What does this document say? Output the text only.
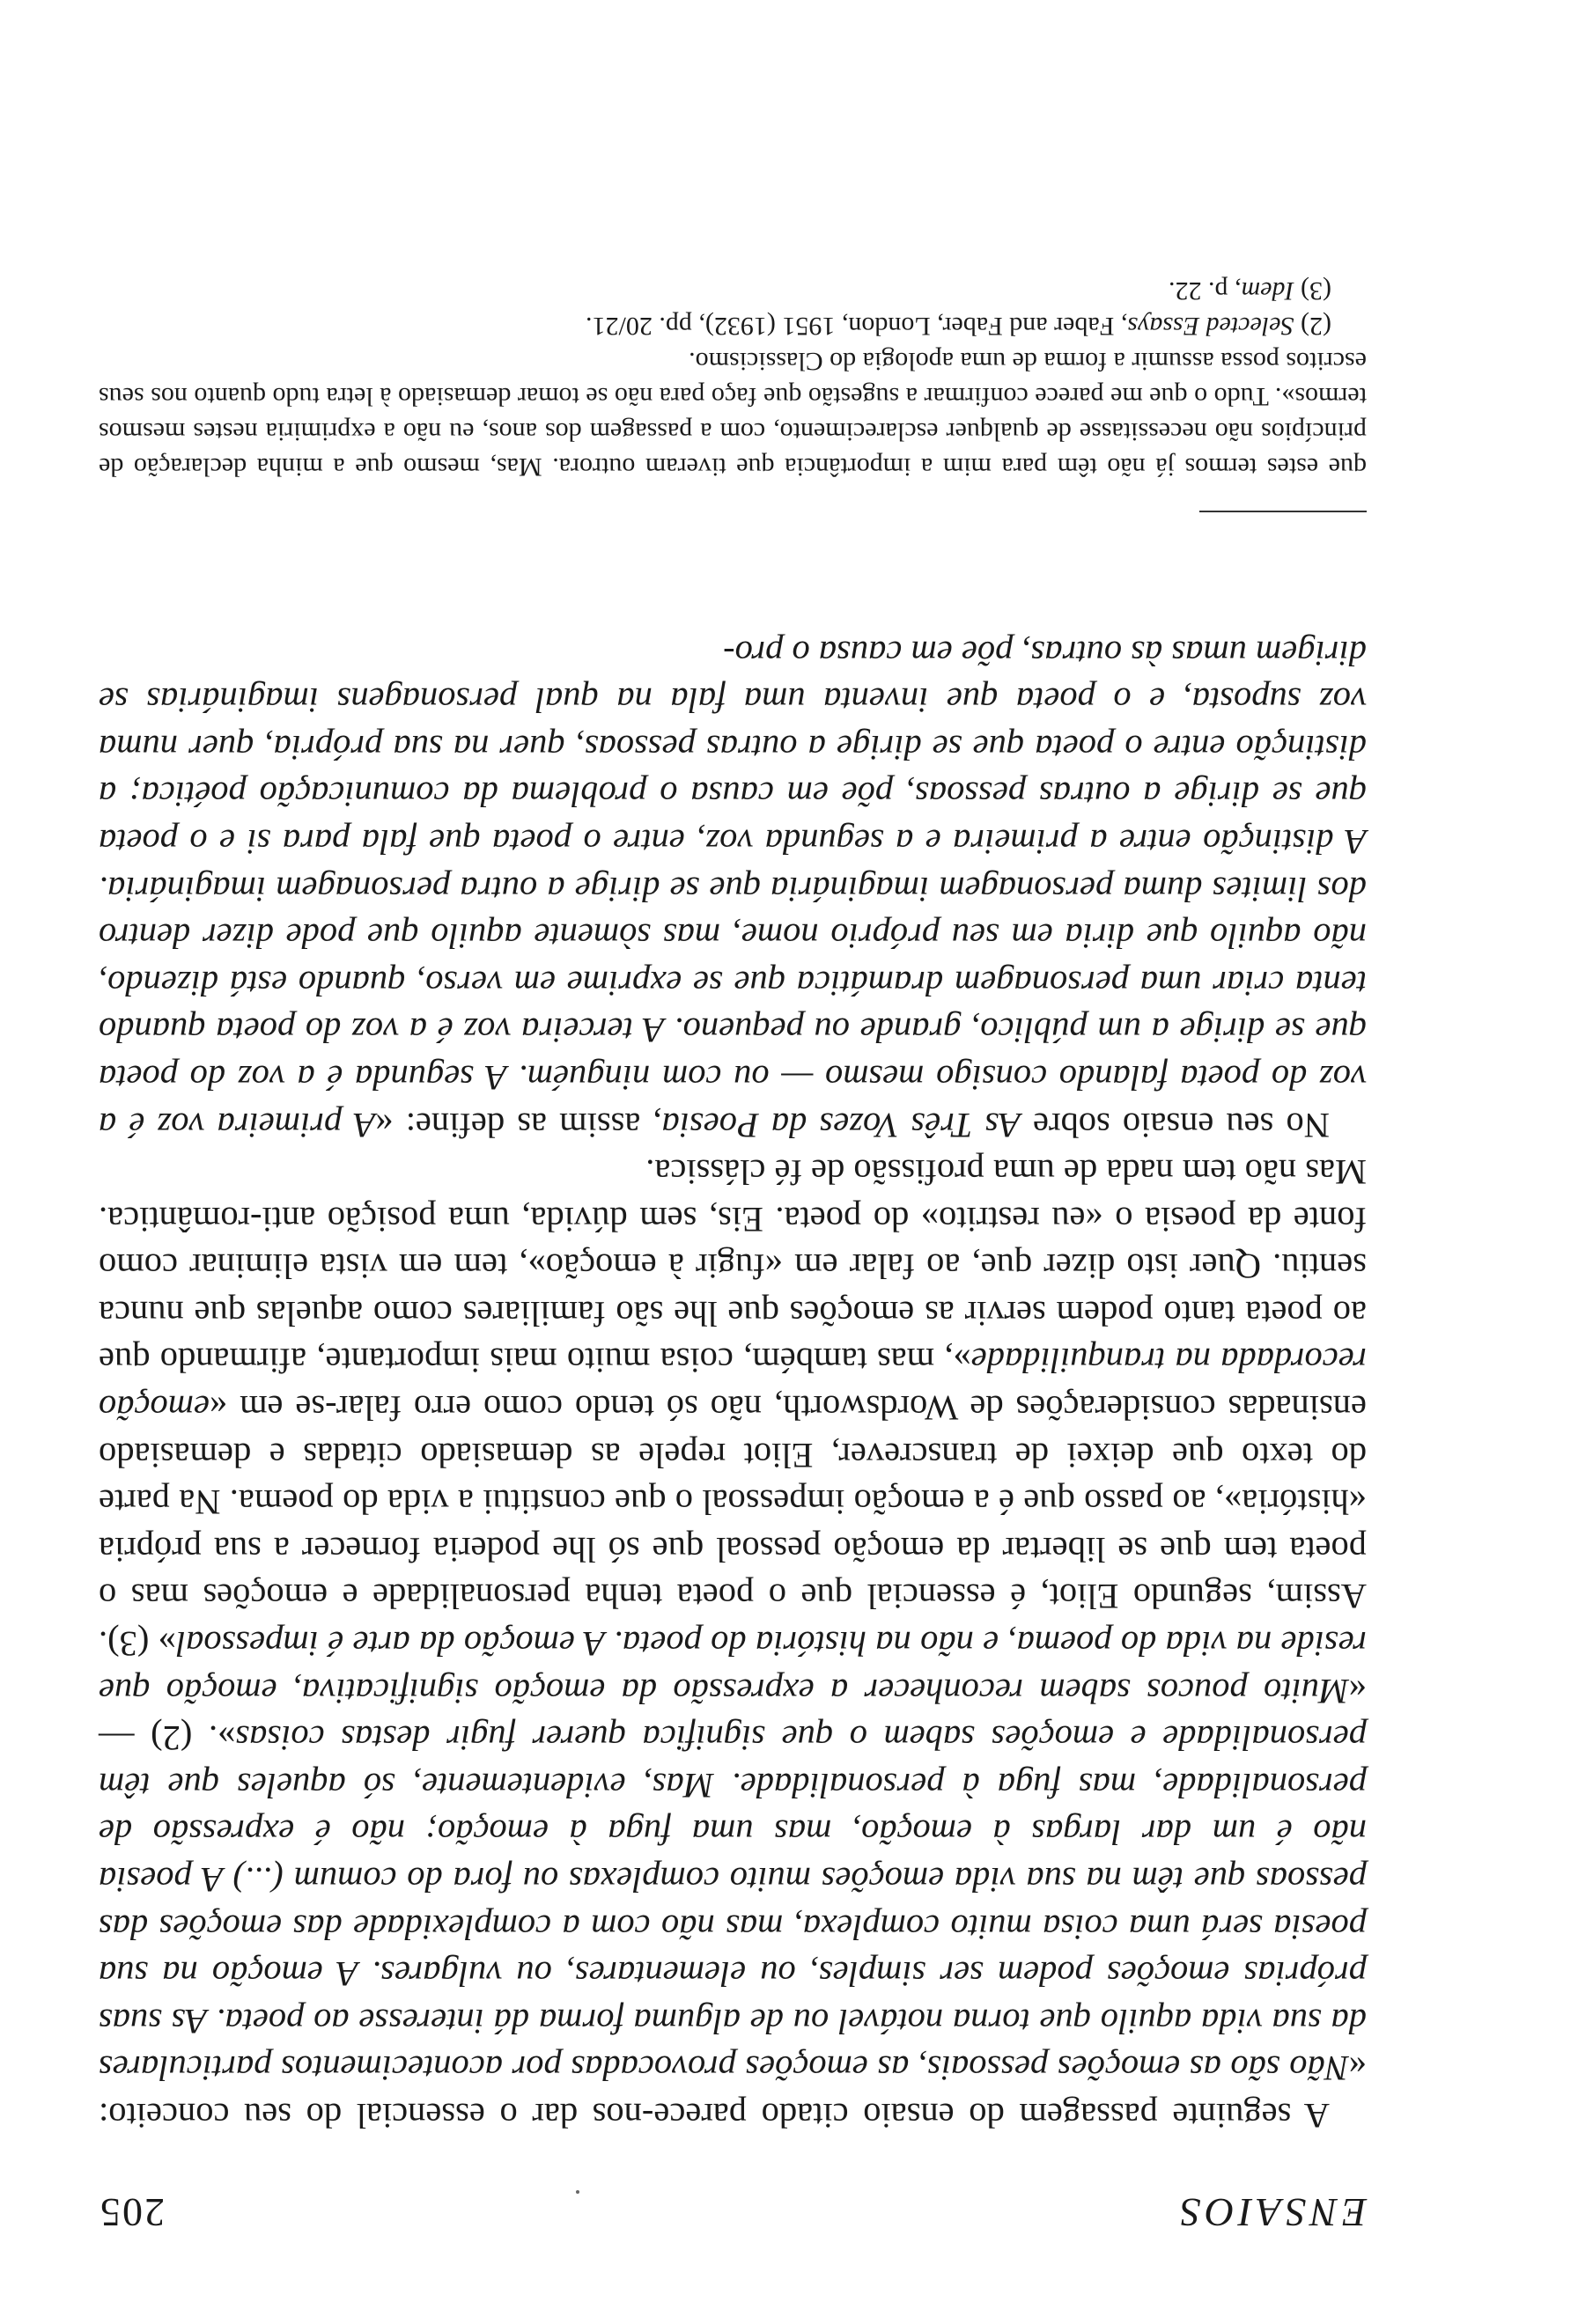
ENSAIOS
205

A seguinte passagem do ensaio citado parece-nos dar o essencial do seu conceito: «Não são as emoções pessoais, as emoções provocadas por acontecimentos particulares da sua vida aquilo que torna notável ou de alguma forma dá interesse ao poeta. As suas próprias emoções podem ser simples, ou elementares, ou vulgares. A emoção na sua poesia será uma coisa muito complexa, mas não com a complexidade das emoções das pessoas que têm na sua vida emoções muito complexas ou fora do comum (...) A poesia não é um dar largas à emoção, mas uma fuga à emoção; não é expressão de personalidade, mas fuga à personalidade. Mas, evidentemente, só aqueles que têm personalidade e emoções sabem o que significa querer fugir destas coisas». (2) — «Muito poucos sabem reconhecer a expressão da emoção significativa, emoção que reside na vida do poema, e não na história do poeta. A emoção da arte é impessoal» (3). Assim, segundo Eliot, é essencial que o poeta tenha personalidade e emoções mas o poeta tem que se libertar da emoção pessoal que só lhe poderia fornecer a sua própria «história», ao passo que é a emoção impessoal o que constitui a vida do poema. Na parte do texto que deixei de transcrever, Eliot repele as demasiado citadas e demasiado ensinadas considerações de Wordsworth, não só tendo como erro falar-se em «emoção recordada na tranquilidade», mas também, coisa muito mais importante, afirmando que ao poeta tanto podem servir as emoções que lhe são familiares como aquelas que nunca sentiu. Quer isto dizer que, ao falar em «fugir à emoção», tem em vista eliminar como fonte da poesia o «eu restrito» do poeta. Eis, sem dúvida, uma posição anti-romântica. Mas não tem nada de uma profissão de fé clássica.

No seu ensaio sobre As Três Vozes da Poesia, assim as define: «A primeira voz é a voz do poeta falando consigo mesmo — ou com ninguém. A segunda é a voz do poeta que se dirige a um público, grande ou pequeno. A terceira voz é a voz do poeta quando tenta criar uma personagem dramática que se exprime em verso, quando está dizendo, não aquilo que diria em seu próprio nome, mas sòmente aquilo que pode dizer dentro dos limites duma personagem imaginária que se dirige a outra personagem imaginária. A distinção entre a primeira e a segunda voz, entre o poeta que fala para si e o poeta que se dirige a outras pessoas, põe em causa o problema da comunicação poética; a distinção entre o poeta que se dirige a outras pessoas, quer na sua própria, quer numa voz suposta, e o poeta que inventa uma fala na qual personagens imaginárias se dirigem umas às outras, põe em causa o pro-

que estes termos já não têm para mim a importância que tiveram outrora. Mas, mesmo que a minha declaração de princípios não necessitasse de qualquer esclarecimento, com a passagem dos anos, eu não a exprimiria nestes mesmos termos». Tudo o que me parece confirmar a sugestão que faço para não se tomar demasiado à letra tudo quanto nos seus escritos possa assumir a forma de uma apologia do Classicismo.

(2) Selected Essays, Faber and Faber, London, 1951 (1932), pp. 20/21.

(3) Idem, p. 22.
